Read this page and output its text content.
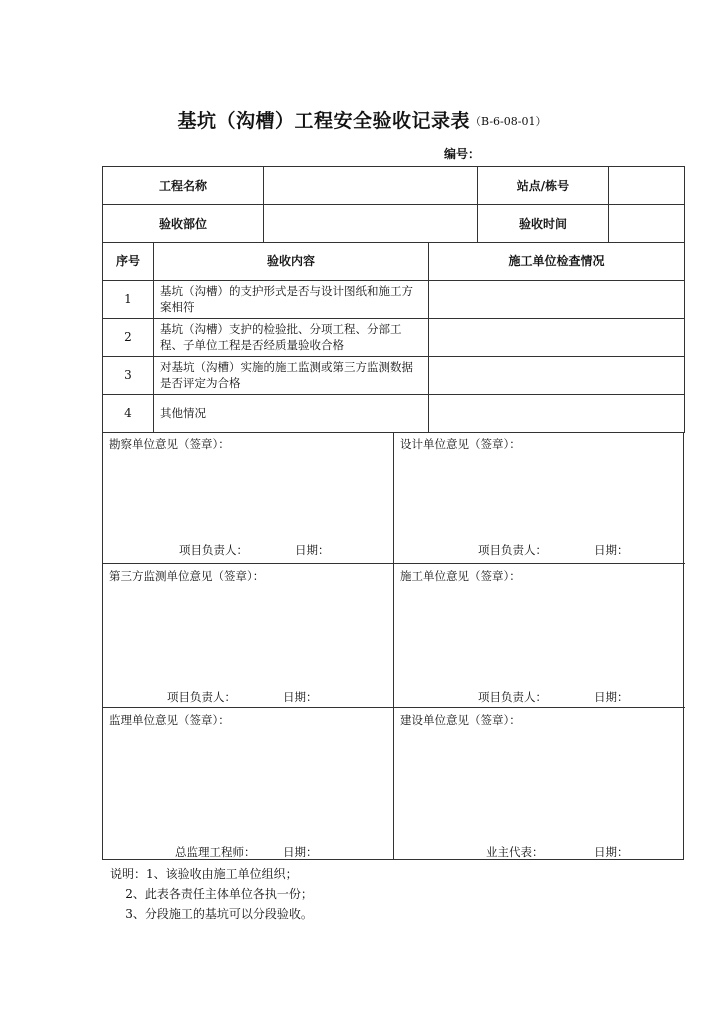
基坑（沟槽）工程安全验收记录表（B-6-08-01）
编号：
工程名称		站点/栋号	
验收部位		验收时间	
序号	验收内容	施工单位检查情况
1	基坑（沟槽）的支护形式是否与设计图纸和施工方案相符	
2	基坑（沟槽）支护的检验批、分项工程、分部工程、子单位工程是否经质量验收合格	
3	对基坑（沟槽）实施的施工监测或第三方监测数据是否评定为合格	
4	其他情况	
勘察单位意见（签章）：
项目负责人：	日期：
设计单位意见（签章）：
项目负责人：	日期：
第三方监测单位意见（签章）：
项目负责人：	日期：
施工单位意见（签章）：
项目负责人：	日期：
监理单位意见（签章）：
总监理工程师： 日期：
建设单位意见（签章）：
业主代表：	日期：
说明：1、该验收由施工单位组织；
2、此表各责任主体单位各执一份；
3、分段施工的基坑可以分段验收。
